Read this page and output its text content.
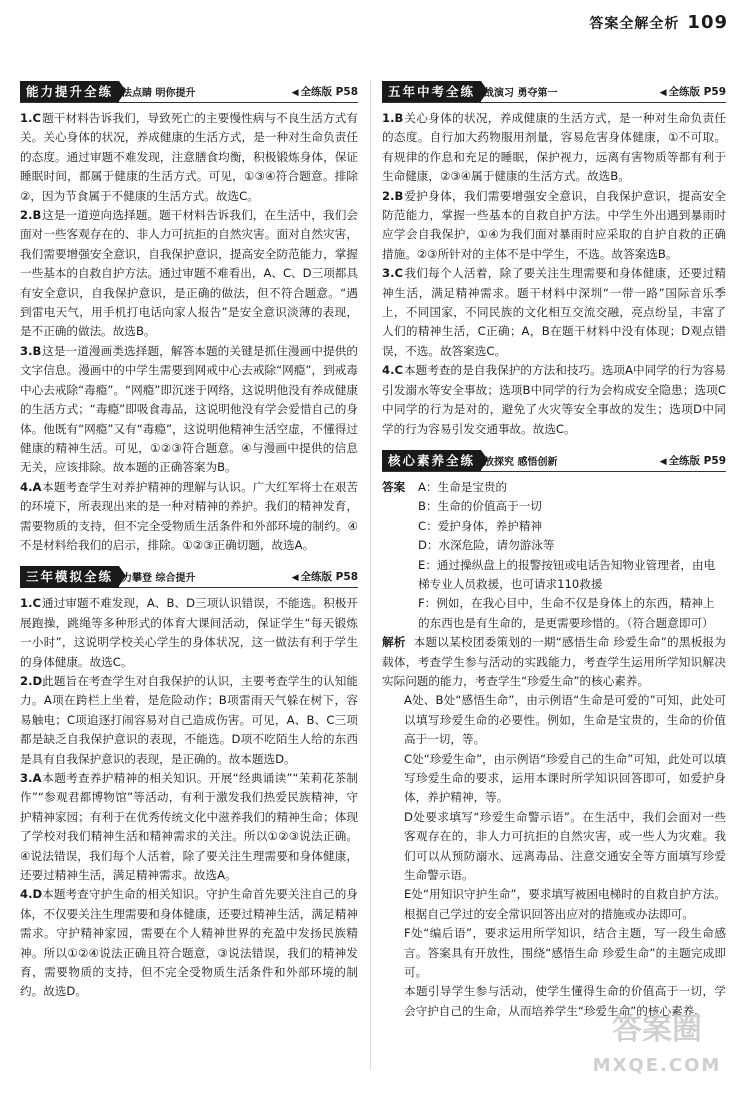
答案全解全析 109
能力提升全练
技法点睛 明你提升	◀ 全练版 P58

1.C题干材料告诉我们，导致死亡的主要慢性病与不良生活方式有关。关心身体的状况，养成健康的生活方式，是一种对生命负责任的态度。通过审题不难发现，注意膳食均衡，积极锻炼身体，保证睡眠时间，都属于健康的生活方式。可见，①③④符合题意。排除②，因为节食属于不健康的生活方式。故选C。

2.B这是一道逆向选择题。题干材料告诉我们，在生活中，我们会面对一些客观存在的、非人力可抗拒的自然灾害。面对自然灾害，我们需要增强安全意识，自我保护意识，提高安全防范能力，掌握一些基本的自救自护方法。通过审题不难看出，A、C、D三项都具有安全意识，自我保护意识，是正确的做法，但不符合题意。“遇到雷电天气，用手机打电话向家人报告”是安全意识淡薄的表现，是不正确的做法。故选B。

3.B这是一道漫画类选择题，解答本题的关键是抓住漫画中提供的文字信息。漫画中的中学生需要到网戒中心去戒除“网瘾”，到戒毒中心去戒除“毒瘾”。“网瘾”即沉迷于网络，这说明他没有养成健康的生活方式；“毒瘾”即吸食毒品，这说明他没有学会爱惜自己的身体。他既有“网瘾”又有“毒瘾”，这说明他精神生活空虚，不懂得过健康的精神生活。可见，①②③符合题意。④与漫画中提供的信息无关，应该排除。故本题的正确答案为B。

4.A本题考查学生对养护精神的理解与认识。广大红军将士在艰苦的环境下，所表现出来的是一种对精神的养护。我们的精神发育，需要物质的支持，但不完全受物质生活条件和外部环境的制约。④不是材料给我们的启示，排除。①②③正确切题，故选A。

三年模拟全练
努力攀登 综合提升	◀ 全练版 P58

1.C通过审题不难发现，A、B、D三项认识错误，不能选。积极开展跑操，跳绳等多种形式的体育大课间活动，保证学生“每天锻炼一小时”，这说明学校关心学生的身体状况，这一做法有利于学生的身体健康。故选C。

2.D此题旨在考查学生对自我保护的认识，主要考查学生的认知能力。A项在跨栏上坐着，是危险动作；B项雷雨天气躲在树下，容易触电；C项追逐打闹容易对自己造成伤害。可见，A、B、C三项都是缺乏自我保护意识的表现，不能选。D项不吃陌生人给的东西是具有自我保护意识的表现，是正确的。故本题选D。

3.A本题考查养护精神的相关知识。开展“经典诵读”“茉莉花茶制作”“参观君都博物馆”等活动，有利于激发我们热爱民族精神，守护精神家园；有利于在优秀传统文化中滋养我们的精神生命；体现了学校对我们精神生活和精神需求的关注。所以①②③说法正确。④说法错误，我们每个人活着，除了要关注生理需要和身体健康，还要过精神生活，满足精神需求。故选A。

4.D本题考查守护生命的相关知识。守护生命首先要关注自己的身体，不仅要关注生理需要和身体健康，还要过精神生活，满足精神需求。守护精神家园，需要在个人精神世界的充盈中发扬民族精神。所以①②④说法正确且符合题意，③说法错误，我们的精神发育，需要物质的支持，但不完全受物质生活条件和外部环境的制约。故选D。

五年中考全练
实战演习 勇夺第一	◀ 全练版 P59

1.B关心身体的状况，养成健康的生活方式，是一种对生命负责任的态度。自行加大药物服用剂量，容易危害身体健康，①不可取。有规律的作息和充足的睡眠，保护视力，远离有害物质等都有利于生命健康，②③④属于健康的生活方式。故选B。

2.B爱护身体，我们需要增强安全意识，自我保护意识，提高安全防范能力，掌握一些基本的自救自护方法。中学生外出遇到暴雨时应学会自我保护，①④为我们面对暴雨时应采取的自护自救的正确措施。②③所针对的主体不是中学生，不选。故答案选B。

3.C我们每个人活着，除了要关注生理需要和身体健康，还要过精神生活，满足精神需求。题干材料中深圳“一带一路”国际音乐季上，不同国家，不同民族的文化相互交流交融，亮点纷呈，丰富了人们的精神生活，C正确；A，B在题干材料中没有体现；D观点错误，不选。故答案选C。

4.C本题考查的是自我保护的方法和技巧。选项A中同学的行为容易引发溺水等安全事故；选项B中同学的行为会构成安全隐患；选项C中同学的行为是对的，避免了火灾等安全事故的发生；选项D中同学的行为容易引发交通事故。故选C。

核心素养全练
开放探究 感悟创新	◀ 全练版 P59
答案	A：生命是宝贵的
B：生命的价值高于一切
C：爱护身体，养护精神
D：水深危险，请勿游泳等
E：通过操纵盘上的报警按钮或电话告知物业管理者，由电梯专业人员救援，也可请求110救援
F：例如，在我心目中，生命不仅是身体上的东西，精神上的东西也是有生命的，是更需要珍惜的。（符合题意即可）

解析 本题以某校团委策划的一期“感悟生命 珍爱生命”的黑板报为载体，考查学生参与活动的实践能力，考查学生运用所学知识解决实际问题的能力，考查学生“珍爱生命”的核心素养。

A处、B处“感悟生命”，由示例语“生命是可爱的”可知，此处可以填写珍爱生命的必要性。例如，生命是宝贵的，生命的价值高于一切，等。

C处“珍爱生命”，由示例语“珍爱自己的生命”可知，此处可以填写珍爱生命的要求，运用本课时所学知识回答即可，如爱护身体，养护精神，等。

D处要求填写“珍爱生命警示语”。在生活中，我们会面对一些客观存在的，非人力可抗拒的自然灾害，或一些人为灾难。我们可以从预防溺水、远离毒品、注意交通安全等方面填写珍爱生命警示语。

E处“用知识守护生命”，要求填写被困电梯时的自救自护方法。根据自己学过的安全常识回答出应对的措施或办法即可。

F处“编后语”，要求运用所学知识，结合主题，写一段生命感言。答案具有开放性，围绕“感悟生命 珍爱生命”的主题完成即可。

本题引导学生参与活动，使学生懂得生命的价值高于一切，学会守护自己的生命，从而培养学生“珍爱生命”的核心素养。

答案圈
MXQE.COM
